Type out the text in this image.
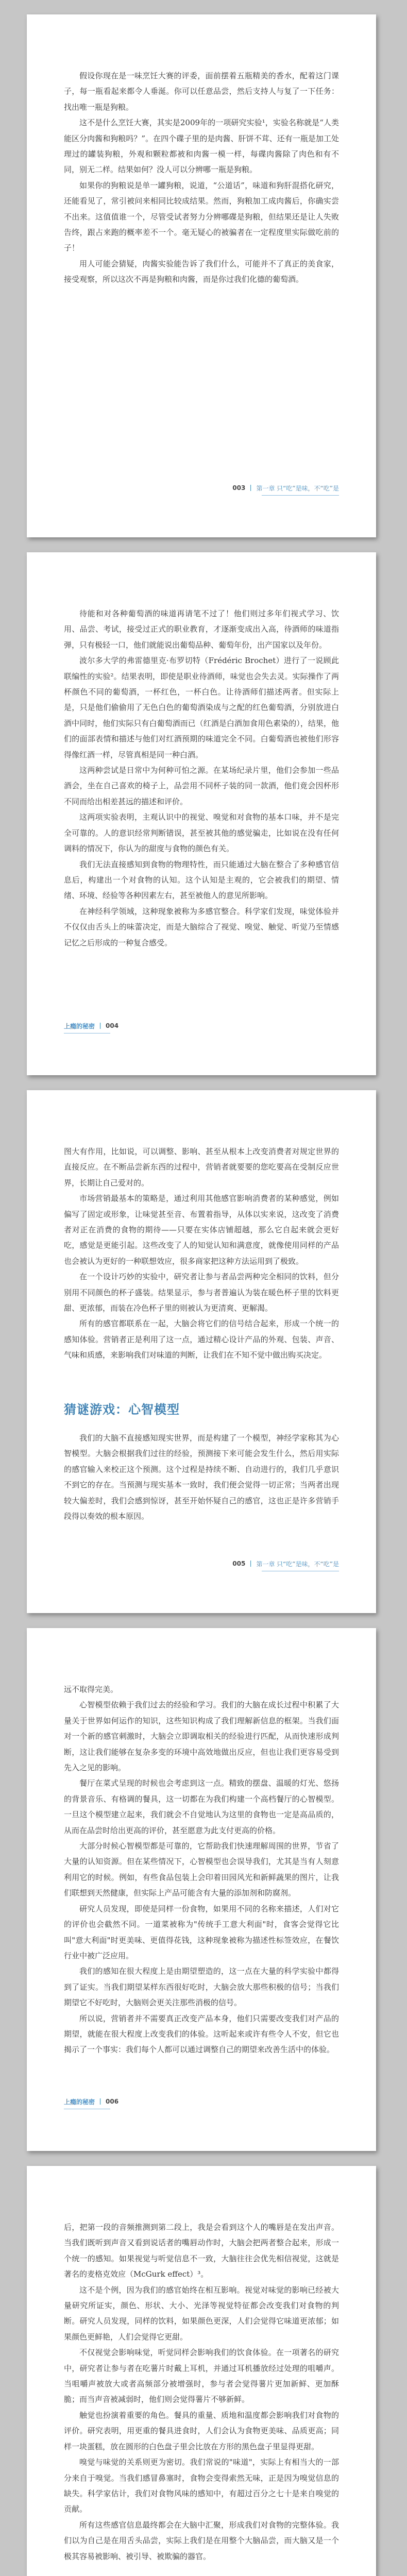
假设你现在是一味烹饪大赛的评委，面前摆着五瓶精美的香水，配着这门课子，每一瓶看起来都令人垂涎。你可以任意品尝，然后支持人与复了一下任务：找出唯一瓶是狗粮。

这不是什么烹饪大赛，其实是2009年的一项研究实验¹，实验名称就是“人类能区分肉酱和狗粮吗？”。在四个碟子里的是肉酱、肝饼不茸、还有一瓶是加工处理过的罐装狗粮，外观和颗粒都被和肉酱一模一样，每碟肉酱除了肉色和有不同，别无二样。结果如何？没人可以分辨哪一瓶是狗粮。

如果你的狗粮说是单一罐狗粮，说道，“公道话”，味道和狗肝混搭化研究，还能看见了，常引被问来相同比较成结果。然而，狗粮加工成肉酱后，你确实尝不出来。这值值谁一个，尽管受试者努力分辨哪碟是狗粮，但结果还是让人失败告终，跟占来跑的概率差不一个。毫无疑心的被骗者在一定程度里实际做吃前的子！

用人可能会猜疑，肉酱实验能告诉了我们什么，可能并不了真正的美食家，接受观察，所以这次不再是狗粮和肉酱，而是你过我们化德的葡萄酒。

003 第一章 只“吃”是味，不“吃”是

待能和对各种葡萄酒的味道再请笔不过了！他们则过多年们视式学习、饮用、品尝、考试，接受过正式的职业教育，才逐渐变成出入高，待酒师的味道指弹，只有极轻一口，他们就能说出葡萄品种、葡萄年份，出产国家以及年份。

波尔多大学的弗雷德里克·布罗切特（Frédéric Brochet）进行了一说顾此联编性的实验²。结果表明，即使是职业待酒师，味觉也会失去灵。实际操作了两杯颜色不同的葡萄酒，一杯红色，一杯白色。让待酒师们描述两者。但实际上是，只是他们偷偷用了无色白色的葡萄酒染成与之配的红色葡萄酒，分别放进白酒中同时，他们实际只有白葡萄酒而已（红酒是白酒加食用色素染的），结果，他们的面部表情和描述与他们对红酒预期的味道完全不同。白葡萄酒也被他们形容得像红酒一样，尽管真相是同一种白酒。

这两种尝试是日常中为何种可怕之源。在某场纪录片里，他们会参加一些品酒会，坐在自己喜欢的椅子上，品尝用不同杯子装的同一款酒，他们竟会因杯形不同而给出相差甚远的描述和评价。

这两项实验表明，主观认识中的视觉、嗅觉和对食物的基本口味，并不是完全可靠的。人的意识经常判断错误，甚至被其他的感觉骗走，比如说在没有任何调料的情况下，你认为的甜度与食物的颜色有关。

我们无法直接感知到食物的物理特性，而只能通过大脑在整合了多种感官信息后，构建出一个对食物的认知。这个认知是主观的，它会被我们的期望、情绪、环境、经验等各种因素左右，甚至被他人的意见所影响。

在神经科学领域，这种现象被称为多感官整合。科学家们发现，味觉体验并不仅仅由舌头上的味蕾决定，而是大脑综合了视觉、嗅觉、触觉、听觉乃至情感记忆之后形成的一种复合感受。

上瘾的秘密 004

图大有作用，比如说，可以调整、影响、甚至从根本上改变消费者对规定世界的直接反应。在不断品尝新东西的过程中，营销者就要要的您吃要高在受制反应世界，长期让自己爱对的。

市场营销最基本的策略是，通过利用其他感官影响消费者的某种感觉，例如偏写了固定或形象，让味觉甚至音、布置着指导，从体以实来说，这改变了消费者对正在消费的食物的期待——只要在实体店铺超越，那么它自起来就会更好吃，感觉是更能引起。这些改变了人的知觉认知和满意度，就像使用同样的产品也会被认为更好的一种联想效应，很多商家把这种方法运用到了极致。

在一个设计巧妙的实验中，研究者让参与者品尝两种完全相同的饮料，但分别用不同颜色的杯子盛装。结果显示，参与者普遍认为装在暖色杯子里的饮料更甜、更浓郁，而装在冷色杯子里的则被认为更清爽、更解渴。

所有的感官都联系在一起，大脑会将它们的信号结合起来，形成一个统一的感知体验。营销者正是利用了这一点，通过精心设计产品的外观、包装、声音、气味和质感，来影响我们对味道的判断，让我们在不知不觉中做出购买决定。

猜谜游戏：心智模型

我们的大脑不直接感知现实世界，而是构建了一个模型，神经学家称其为心智模型。大脑会根据我们过往的经验，预测接下来可能会发生什么，然后用实际的感官输入来校正这个预测。这个过程是持续不断、自动进行的，我们几乎意识不到它的存在。当预测与现实基本一致时，我们便会觉得一切正常；当两者出现较大偏差时，我们会感到惊讶，甚至开始怀疑自己的感官，这也正是许多营销手段得以奏效的根本原因。

005 第一章 只“吃”是味，不“吃”是

远不取得完美。

心智模型依赖于我们过去的经验和学习。我们的大脑在成长过程中积累了大量关于世界如何运作的知识，这些知识构成了我们理解新信息的框架。当我们面对一个新的感官刺激时，大脑会立即调取相关的经验进行匹配，从而快速形成判断，这让我们能够在复杂多变的环境中高效地做出反应，但也让我们更容易受到先入之见的影响。

餐厅在菜式呈现的时候也会考虑到这一点。精致的摆盘、温暖的灯光、悠扬的背景音乐、有格调的餐具，这一切都在为我们构建一个高档餐厅的心智模型。一旦这个模型建立起来，我们就会不自觉地认为这里的食物也一定是高品质的，从而在品尝时给出更高的评价，甚至愿意为此支付更高的价格。

大部分时候心智模型都是可靠的，它帮助我们快速理解周围的世界，节省了大量的认知资源。但在某些情况下，心智模型也会误导我们，尤其是当有人刻意利用它的时候。例如，有些食品包装上会印着田园风光和新鲜蔬果的图片，让我们联想到天然健康，但实际上产品可能含有大量的添加剂和防腐剂。

研究人员发现，即使是同样一份食物，如果用不同的名称来描述，人们对它的评价也会截然不同。一道菜被称为"传统手工意大利面"时，食客会觉得它比叫"意大利面"时更美味、更值得花钱，这种现象被称为描述性标签效应，在餐饮行业中被广泛应用。

我们的感知在很大程度上是由期望塑造的，这一点在大量的科学实验中都得到了证实。当我们期望某样东西很好吃时，大脑会放大那些积极的信号；当我们期望它不好吃时，大脑则会更关注那些消极的信号。

所以说，营销者并不需要真正改变产品本身，他们只需要改变我们对产品的期望，就能在很大程度上改变我们的体验。这听起来或许有些令人不安，但它也揭示了一个事实：我们每个人都可以通过调整自己的期望来改善生活中的体验。

上瘾的秘密 006

后，把第一段的音频推测到第二段上，我是会看到这个人的嘴唇是在发出声音。当我们既听到声音又看到说话者的嘴唇动作时，大脑会把两者整合起来，形成一个统一的感知。如果视觉与听觉信息不一致，大脑往往会优先相信视觉，这就是著名的麦格克效应（McGurk effect）³。

这不是个例，因为我们的感官始终在相互影响。视觉对味觉的影响已经被大量研究所证实，颜色、形状、大小、光泽等视觉特征都会改变我们对食物的判断。研究人员发现，同样的饮料，如果颜色更深，人们会觉得它味道更浓郁；如果颜色更鲜艳，人们会觉得它更甜。

不仅视觉会影响味觉，听觉同样会影响我们的饮食体验。在一项著名的研究中，研究者让参与者在吃薯片时戴上耳机，并通过耳机播放经过处理的咀嚼声。当咀嚼声被放大或者高频部分被增强时，参与者会觉得薯片更加新鲜、更加酥脆；而当声音被减弱时，他们则会觉得薯片不够新鲜。

触觉也扮演着重要的角色。餐具的重量、质地和温度都会影响我们对食物的评价。研究表明，用更重的餐具进食时，人们会认为食物更美味、品质更高；同样一块蛋糕，放在圆形的白色盘子里会比放在方形的黑色盘子里显得更甜。

嗅觉与味觉的关系则更为密切。我们常说的"味道"，实际上有相当大的一部分来自于嗅觉。当我们感冒鼻塞时，食物会变得索然无味，正是因为嗅觉信息的缺失。科学家估计，我们对食物风味的感知中，有超过百分之七十是来自嗅觉的贡献。

所有这些感官信息最终都会在大脑中汇聚，形成我们对食物的完整体验。我们以为自己是在用舌头品尝，实际上我们是在用整个大脑品尝，而大脑又是一个极其容易被影响、被引导、被欺骗的器官。
